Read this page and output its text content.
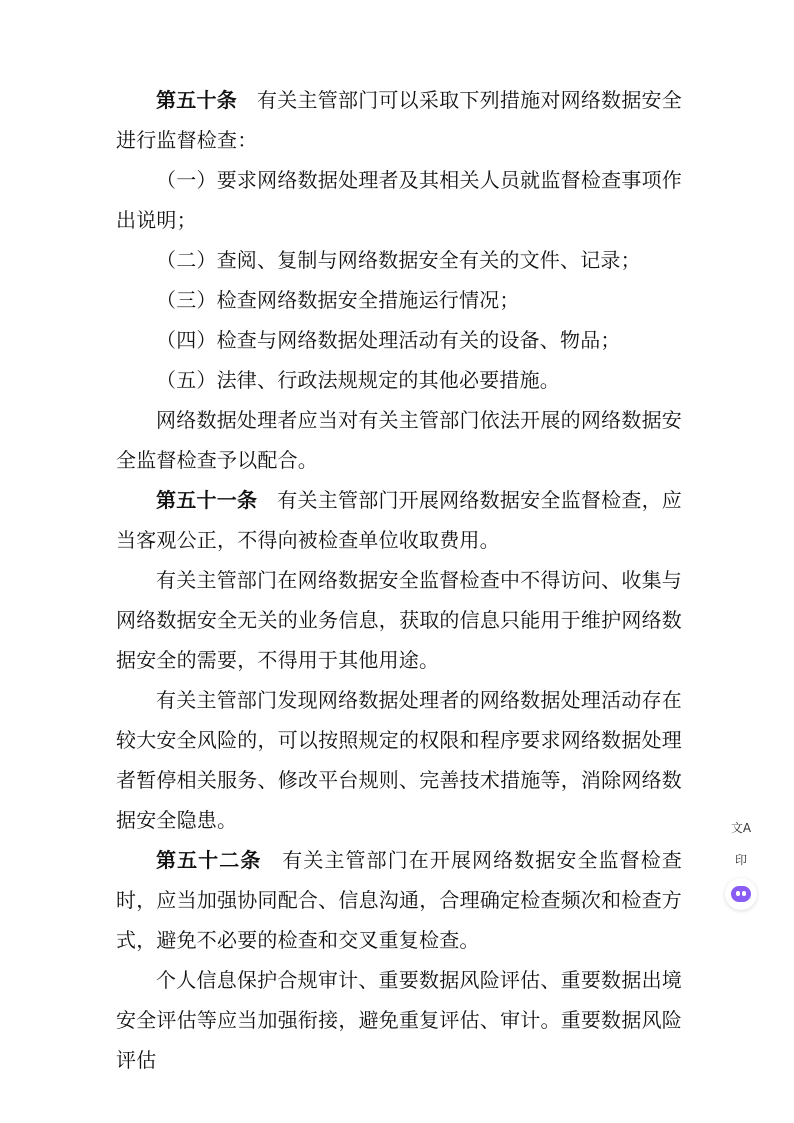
第五十条 有关主管部门可以采取下列措施对网络数据安全进行监督检查：

（一）要求网络数据处理者及其相关人员就监督检查事项作出说明；

（二）查阅、复制与网络数据安全有关的文件、记录；

（三）检查网络数据安全措施运行情况；

（四）检查与网络数据处理活动有关的设备、物品；

（五）法律、行政法规规定的其他必要措施。

网络数据处理者应当对有关主管部门依法开展的网络数据安全监督检查予以配合。

第五十一条 有关主管部门开展网络数据安全监督检查，应当客观公正，不得向被检查单位收取费用。

有关主管部门在网络数据安全监督检查中不得访问、收集与网络数据安全无关的业务信息，获取的信息只能用于维护网络数据安全的需要，不得用于其他用途。

有关主管部门发现网络数据处理者的网络数据处理活动存在较大安全风险的，可以按照规定的权限和程序要求网络数据处理者暂停相关服务、修改平台规则、完善技术措施等，消除网络数据安全隐患。

第五十二条 有关主管部门在开展网络数据安全监督检查时，应当加强协同配合、信息沟通，合理确定检查频次和检查方式，避免不必要的检查和交叉重复检查。

个人信息保护合规审计、重要数据风险评估、重要数据出境安全评估等应当加强衔接，避免重复评估、审计。重要数据风险评估

文A
印
